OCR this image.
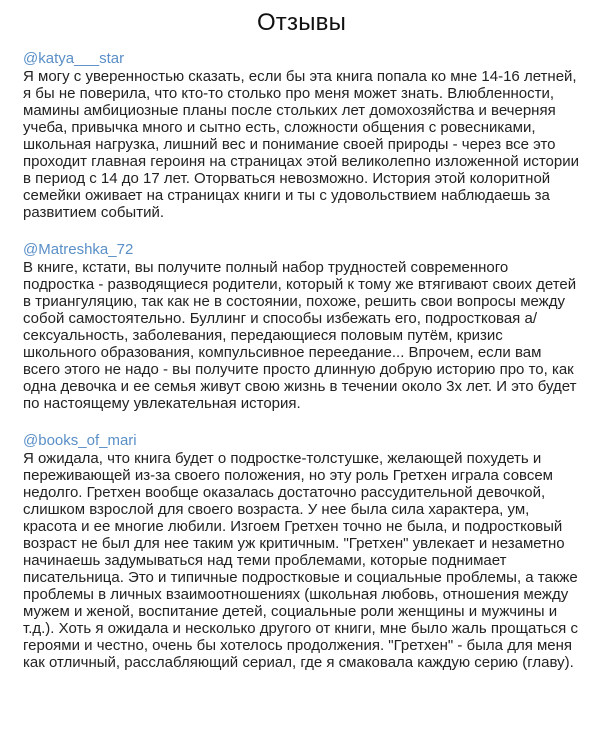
Отзывы
@katya___star

Я могу с уверенностью сказать, если бы эта книга попала ко мне 14-16 летней, я бы не поверила, что кто-то столько про меня может знать. Влюбленности, мамины амбициозные планы после стольких лет домохозяйства и вечерняя учеба, привычка много и сытно есть, сложности общения с ровесниками, школьная нагрузка, лишний вес и понимание своей природы - через все это проходит главная героиня на страницах этой великолепно изложенной истории в период с 14 до 17 лет. Оторваться невозможно. История этой колоритной семейки оживает на страницах книги и ты с удовольствием наблюдаешь за развитием событий.

@Matreshka_72

В книге, кстати, вы получите полный набор трудностей современного подростка - разводящиеся родители, который к тому же втягивают своих детей в триангуляцию, так как не в состоянии, похоже, решить свои вопросы между собой самостоятельно. Буллинг и способы избежать его, подростковая а/сексуальность, заболевания, передающиеся половым путём, кризис школьного образования, компульсивное переедание... Впрочем, если вам всего этого не надо - вы получите просто длинную добрую историю про то, как одна девочка и ее семья живут свою жизнь в течении около 3х лет. И это будет по настоящему увлекательная история.

@books_of_mari

Я ожидала, что книга будет о подростке-толстушке, желающей похудеть и переживающей из-за своего положения, но эту роль Гретхен играла совсем недолго. Гретхен вообще оказалась достаточно рассудительной девочкой, слишком взрослой для своего возраста. У нее была сила характера, ум, красота и ее многие любили. Изгоем Гретхен точно не была, и подростковый возраст не был для нее таким уж критичным. "Гретхен" увлекает и незаметно начинаешь задумываться над теми проблемами, которые поднимает писательница. Это и типичные подростковые и социальные проблемы, а также проблемы в личных взаимоотношениях (школьная любовь, отношения между мужем и женой, воспитание детей, социальные роли женщины и мужчины и т.д.). Хоть я ожидала и несколько другого от книги, мне было жаль прощаться с героями и честно, очень бы хотелось продолжения. "Гретхен" - была для меня как отличный, расслабляющий сериал, где я смаковала каждую серию (главу).
